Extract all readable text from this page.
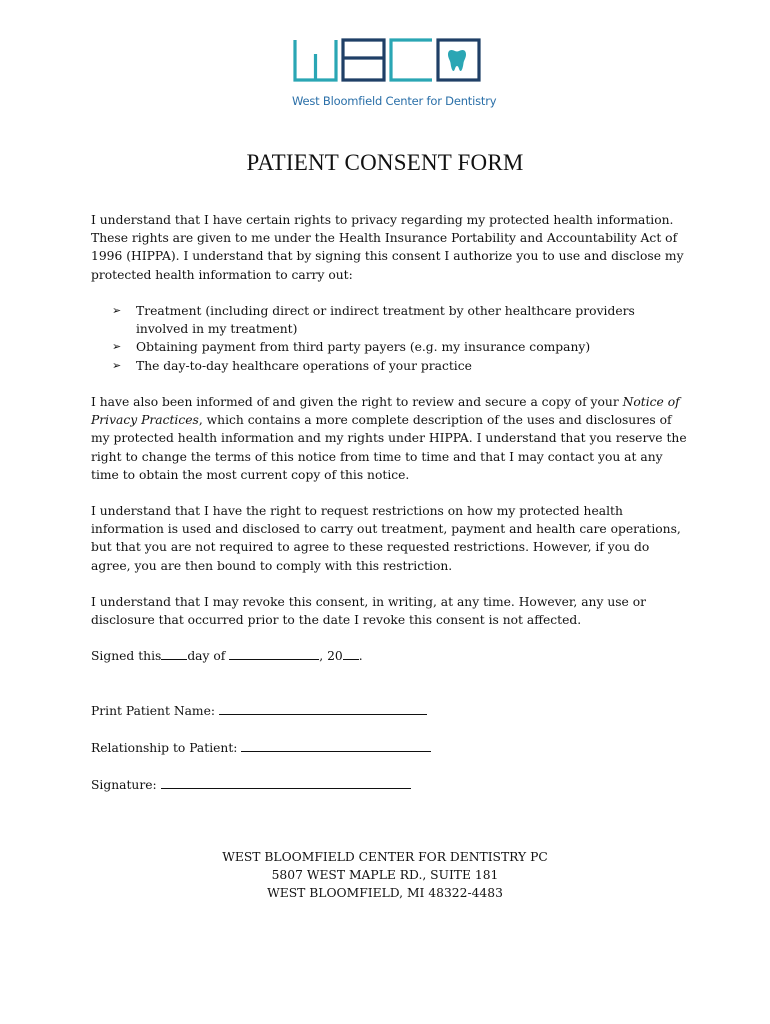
West Bloomfield Center for Dentistry
PATIENT CONSENT FORM
I understand that I have certain rights to privacy regarding my protected health information. These rights are given to me under the Health Insurance Portability and Accountability Act of 1996 (HIPPA). I understand that by signing this consent I authorize you to use and disclose my protected health information to carry out:
➢ Treatment (including direct or indirect treatment by other healthcare providers involved in my treatment)
➢ Obtaining payment from third party payers (e.g. my insurance company)
➢ The day-to-day healthcare operations of your practice
I have also been informed of and given the right to review and secure a copy of your Notice of Privacy Practices, which contains a more complete description of the uses and disclosures of my protected health information and my rights under HIPPA. I understand that you reserve the right to change the terms of this notice from time to time and that I may contact you at any time to obtain the most current copy of this notice.
I understand that I have the right to request restrictions on how my protected health information is used and disclosed to carry out treatment, payment and health care operations, but that you are not required to agree to these requested restrictions. However, if you do agree, you are then bound to comply with this restriction.
I understand that I may revoke this consent, in writing, at any time. However, any use or disclosure that occurred prior to the date I revoke this consent is not affected.
Signed this day of	, 20 .
Print Patient Name:
Relationship to Patient:
Signature:
WEST BLOOMFIELD CENTER FOR DENTISTRY PC
5807 WEST MAPLE RD., SUITE 181
WEST BLOOMFIELD, MI 48322-4483
